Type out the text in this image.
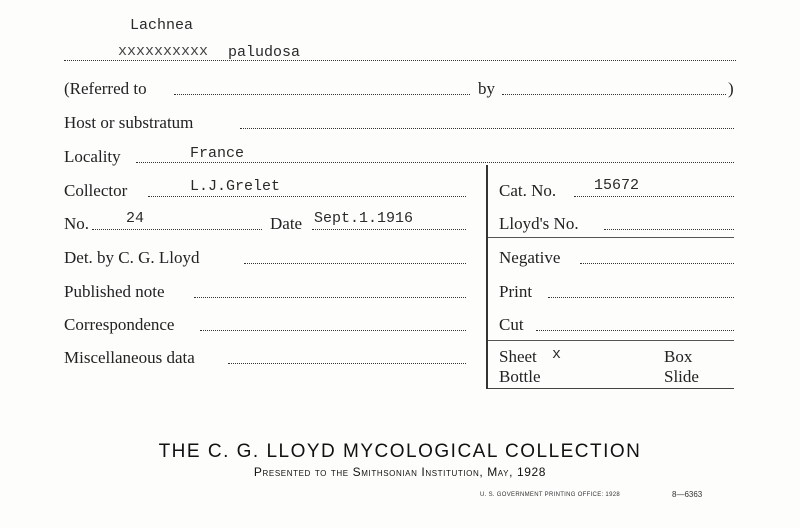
Lachnea
xxxxxxxxxx paludosa
(Referred to	by	)
Host or substratum
Locality	France
Collector	L.J.Grelet
No. 24	Date Sept.1.1916
Det. by C. G. Lloyd
Published note
Correspondence
Miscellaneous data
Cat. No.	15672
Lloyd's No.
Negative
Print
Cut
Sheet x	Box
Bottle	Slide
THE C. G. LLOYD MYCOLOGICAL COLLECTION
Presented to the Smithsonian Institution, May, 1928
U. S. GOVERNMENT PRINTING OFFICE: 1928	8—6363
